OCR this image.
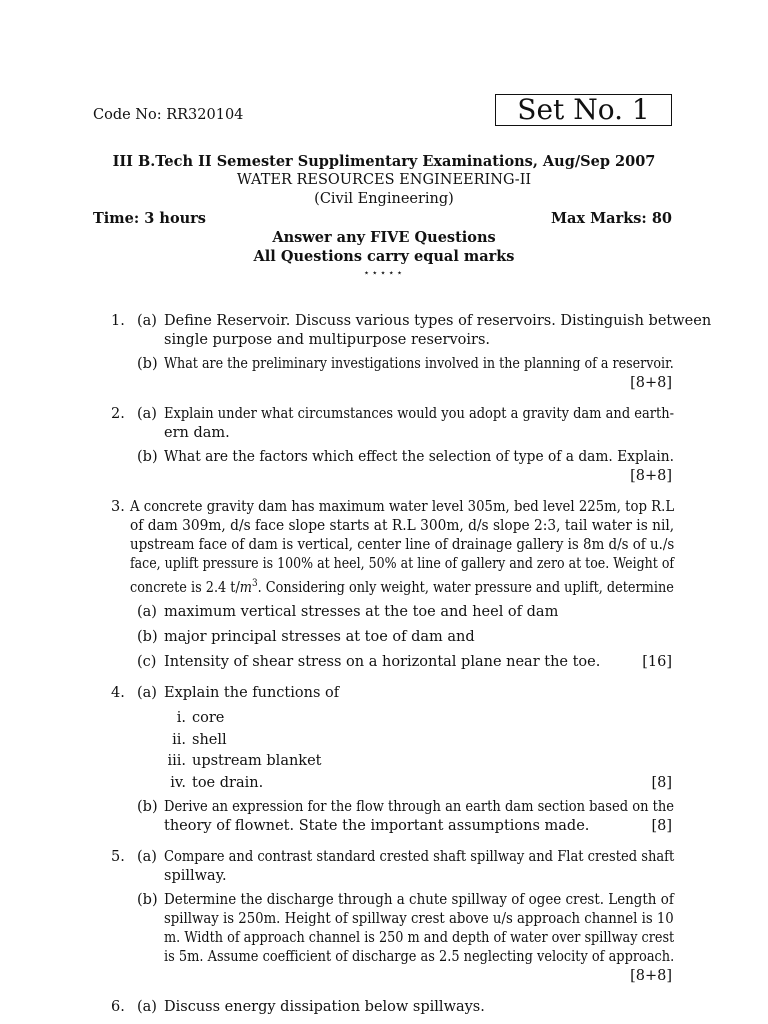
Code No: RR320104	Set No. 1
III B.Tech II Semester Supplimentary Examinations, Aug/Sep 2007
WATER RESOURCES ENGINEERING-II
(Civil Engineering)
Time: 3 hours	Max Marks: 80
Answer any FIVE Questions
All Questions carry equal marks
⋆⋆⋆⋆⋆
1. (a) Define Reservoir. Discuss various types of reservoirs. Distinguish between
single purpose and multipurpose reservoirs.
(b) What are the preliminary investigations involved in the planning of a reservoir.
[8+8]
2. (a) Explain under what circumstances would you adopt a gravity dam and earth-
ern dam.
(b) What are the factors which effect the selection of type of a dam. Explain.
[8+8]
3. A concrete gravity dam has maximum water level 305m, bed level 225m, top R.L
of dam 309m, d/s face slope starts at R.L 300m, d/s slope 2:3, tail water is nil,
upstream face of dam is vertical, center line of drainage gallery is 8m d/s of u./s
face, uplift pressure is 100% at heel, 50% at line of gallery and zero at toe. Weight of
concrete is 2.4 $t/m^3$. Considering only weight, water pressure and uplift, determine
(a) maximum vertical stresses at the toe and heel of dam
(b) major principal stresses at toe of dam and
(c) Intensity of shear stress on a horizontal plane near the toe.	[16]
4. (a) Explain the functions of
i. core
ii. shell
iii. upstream blanket
iv. toe drain.	[8]
(b) Derive an expression for the flow through an earth dam section based on the
theory of flownet. State the important assumptions made.	[8]
5. (a) Compare and contrast standard crested shaft spillway and Flat crested shaft
spillway.
(b) Determine the discharge through a chute spillway of ogee crest. Length of
spillway is 250m. Height of spillway crest above u/s approach channel is 10
m. Width of approach channel is 250 m and depth of water over spillway crest
is 5m. Assume coefficient of discharge as 2.5 neglecting velocity of approach.
[8+8]
6. (a) Discuss energy dissipation below spillways.
